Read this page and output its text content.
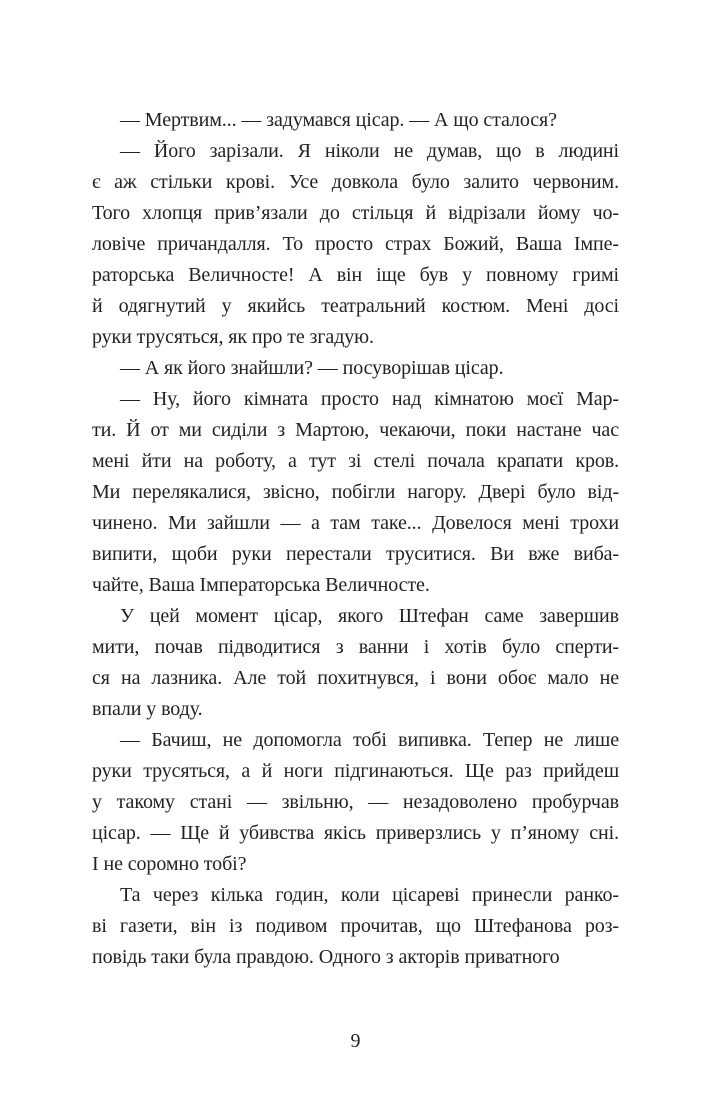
— Мертвим... — задумався цісар. — А що сталося?
— Його зарізали. Я ніколи не думав, що в людині
є аж стільки крові. Усе довкола було залито червоним.
Того хлопця прив’язали до стільця й відрізали йому чо-
ловіче причандалля. То просто страх Божий, Ваша Імпе-
раторська Величносте! А він іще був у повному гримі
й одягнутий у якийсь театральний костюм. Мені досі
руки трусяться, як про те згадую.
— А як його знайшли? — посуворішав цісар.
— Ну, його кімната просто над кімнатою моєї Мар-
ти. Й от ми сиділи з Мартою, чекаючи, поки настане час
мені йти на роботу, а тут зі стелі почала крапати кров.
Ми перелякалися, звісно, побігли нагору. Двері було від-
чинено. Ми зайшли — а там таке... Довелося мені трохи
випити, щоби руки перестали труситися. Ви вже виба-
чайте, Ваша Імператорська Величносте.
У цей момент цісар, якого Штефан саме завершив
мити, почав підводитися з ванни і хотів було сперти-
ся на лазника. Але той похитнувся, і вони обоє мало не
впали у воду.
— Бачиш, не допомогла тобі випивка. Тепер не лише
руки трусяться, а й ноги підгинаються. Ще раз прийдеш
у такому стані — звільню, — незадоволено пробурчав
цісар. — Ще й убивства якісь приверзлись у п’яному сні.
І не соромно тобі?
Та через кілька годин, коли цісареві принесли ранко-
ві газети, він із подивом прочитав, що Штефанова роз-
повідь таки була правдою. Одного з акторів приватного
9
